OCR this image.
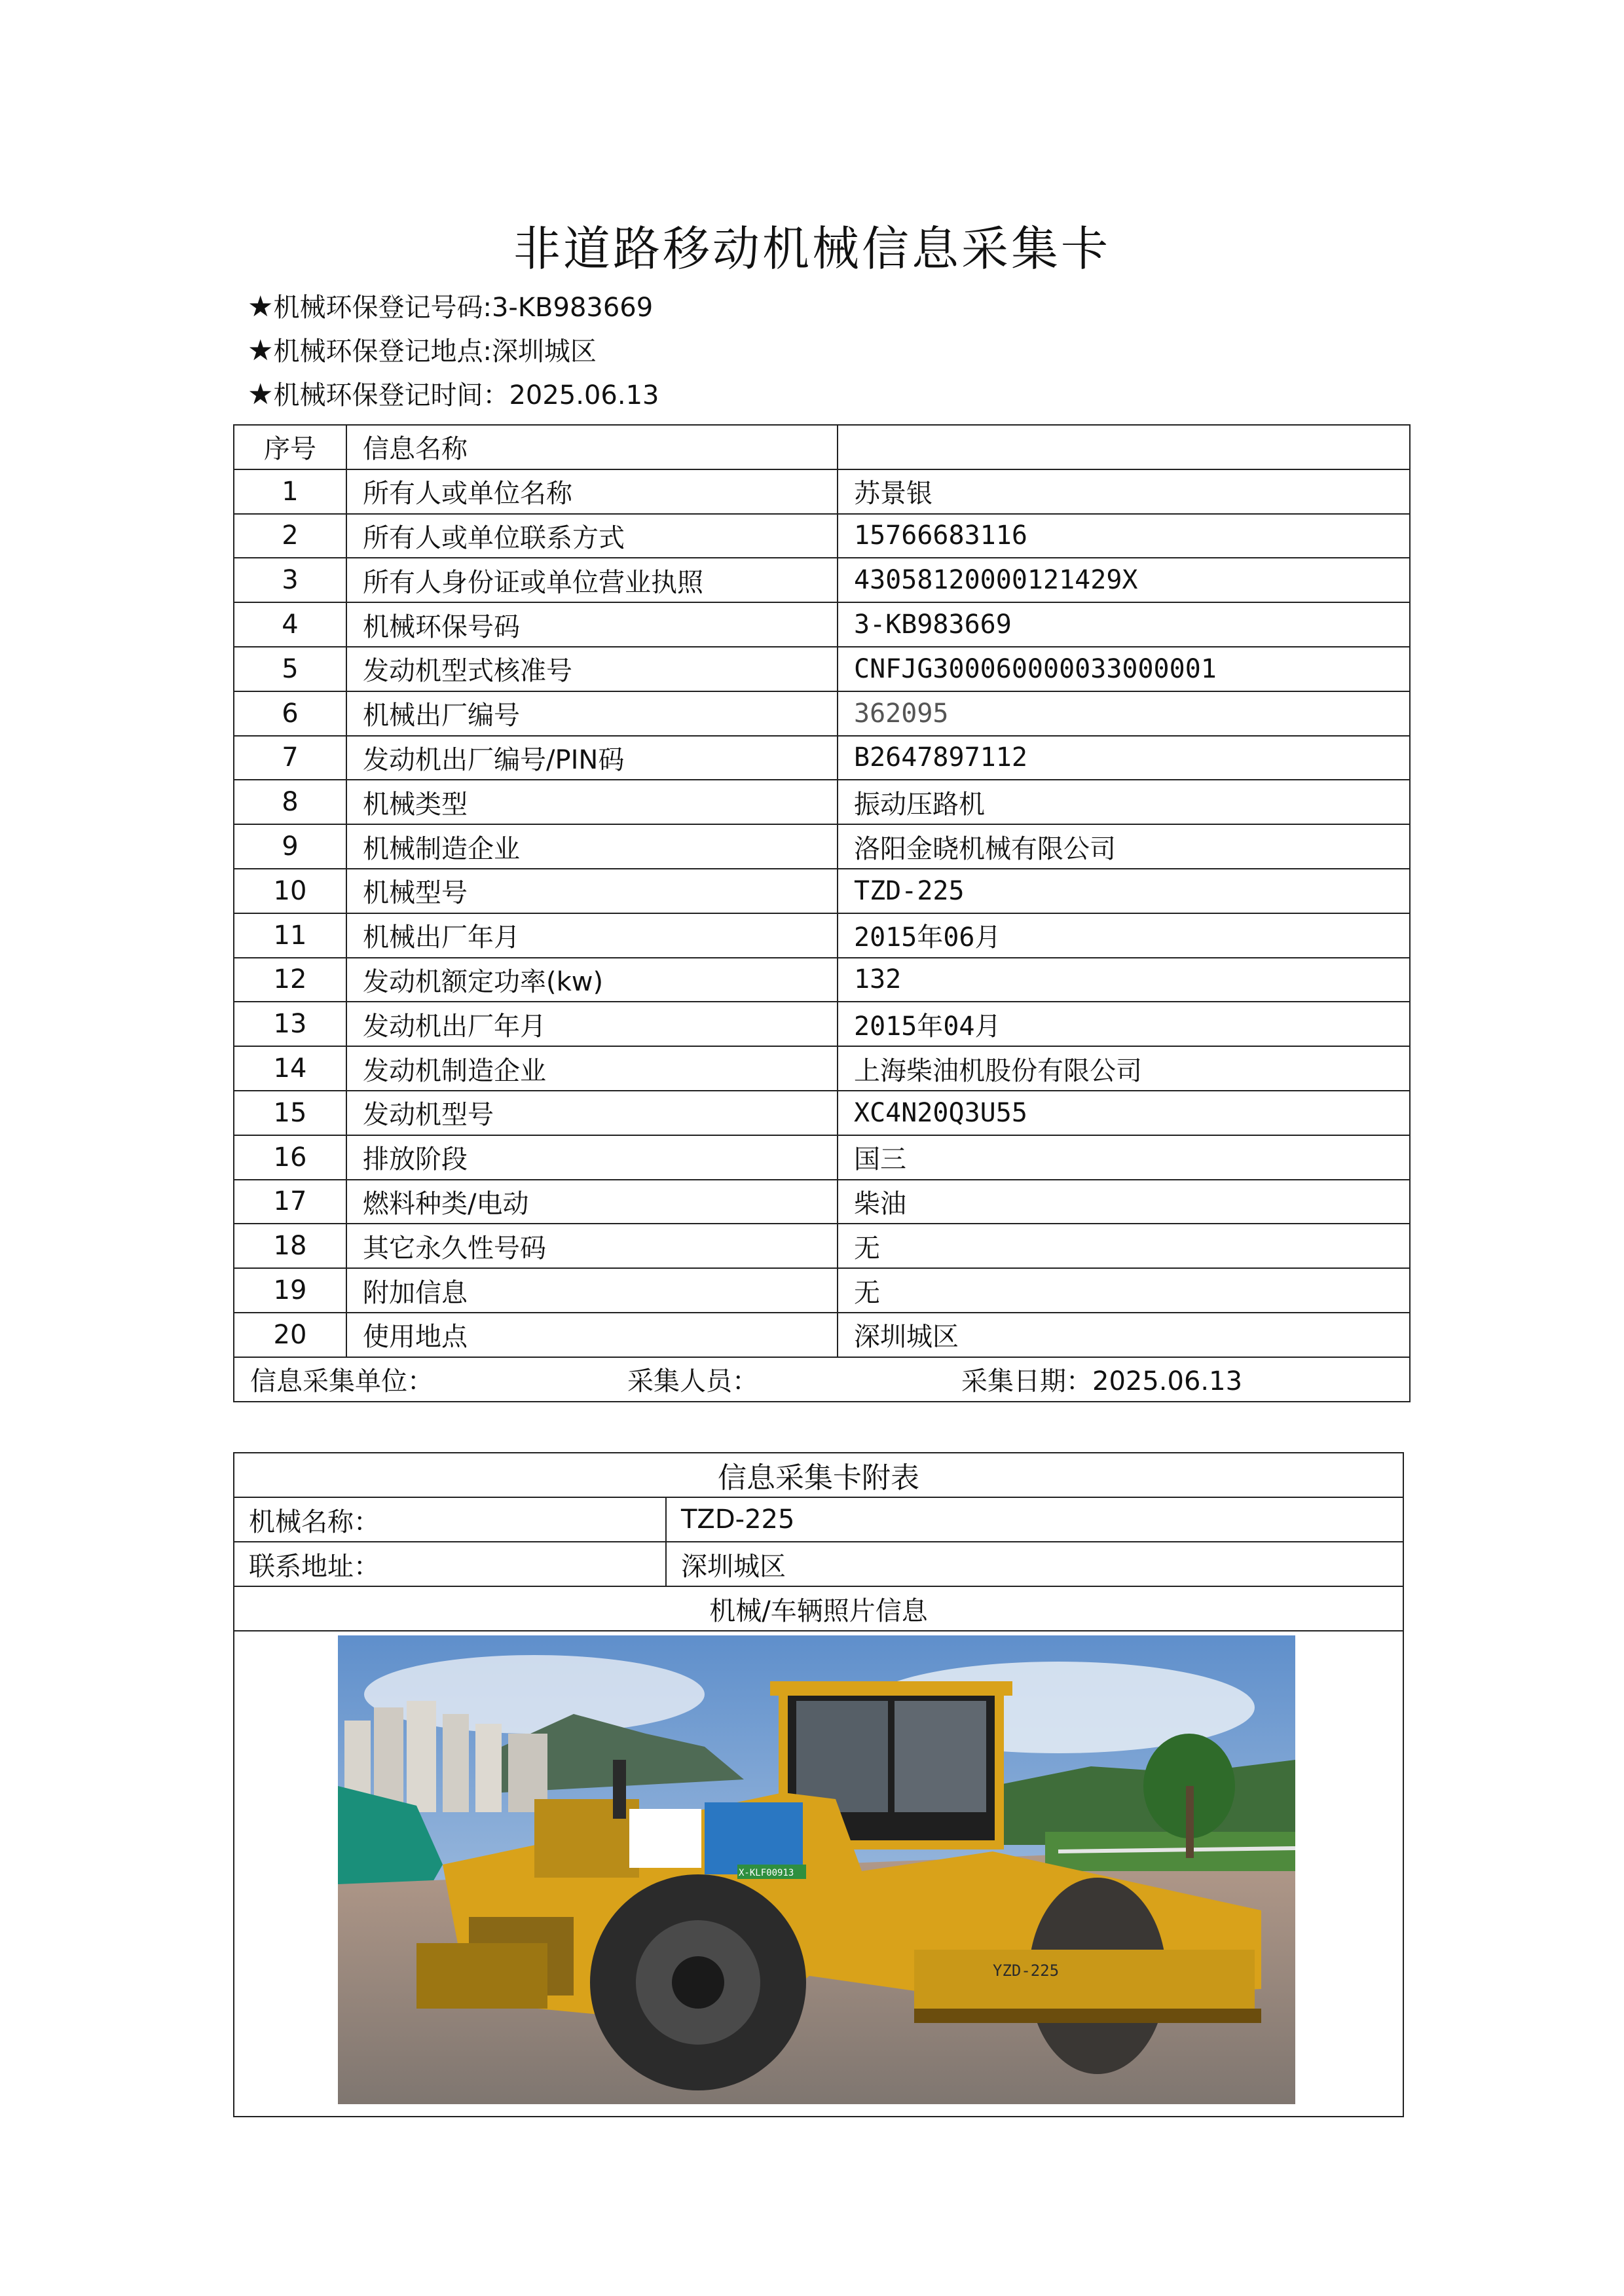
非道路移动机械信息采集卡
★机械环保登记号码:3-KB983669
★机械环保登记地点:深圳城区
★机械环保登记时间：2025.06.13
序号	信息名称	
1	所有人或单位名称	苏景银
2	所有人或单位联系方式	15766683116
3	所有人身份证或单位营业执照	43058120000121429X
4	机械环保号码	3-KB983669
5	发动机型式核准号	CNFJG300060000033000001
6	机械出厂编号	362095
7	发动机出厂编号/PIN码	B2647897112
8	机械类型	振动压路机
9	机械制造企业	洛阳金晓机械有限公司
10	机械型号	TZD-225
11	机械出厂年月	2015年06月
12	发动机额定功率(kw)	132
13	发动机出厂年月	2015年04月
14	发动机制造企业	上海柴油机股份有限公司
15	发动机型号	XC4N20Q3U55
16	排放阶段	国三
17	燃料种类/电动	柴油
18	其它永久性号码	无
19	附加信息	无
20	使用地点	深圳城区
信息采集单位： 采集人员： 采集日期：2025.06.13		
信息采集卡附表	
机械名称：	TZD-225
联系地址：	深圳城区
机械/车辆照片信息	

X-KLF00913
YZD-225	
